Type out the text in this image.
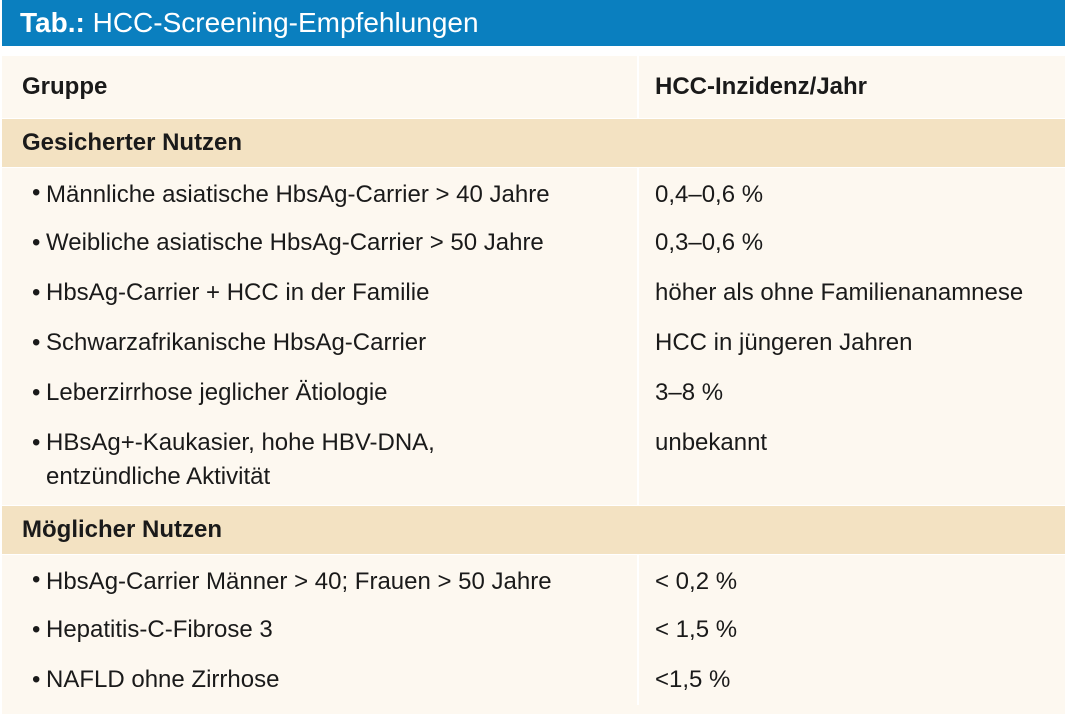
Tab.: HCC-Screening-Empfehlungen
Gruppe	HCC-Inzidenz/Jahr
Gesicherter Nutzen	
• Männliche asiatische HbsAg-Carrier > 40 Jahre	0,4–0,6 %
• Weibliche asiatische HbsAg-Carrier > 50 Jahre	0,3–0,6 %
• HbsAg-Carrier + HCC in der Familie	höher als ohne Familienanamnese
• Schwarzafrikanische HbsAg-Carrier	HCC in jüngeren Jahren
• Leberzirrhose jeglicher Ätiologie	3–8 %
• HBsAg+-Kaukasier, hohe HBV-DNA, entzündliche Aktivität	unbekannt
Möglicher Nutzen	
• HbsAg-Carrier Männer > 40; Frauen > 50 Jahre	< 0,2 %
• Hepatitis-C-Fibrose 3	< 1,5 %
• NAFLD ohne Zirrhose	<1,5 %
